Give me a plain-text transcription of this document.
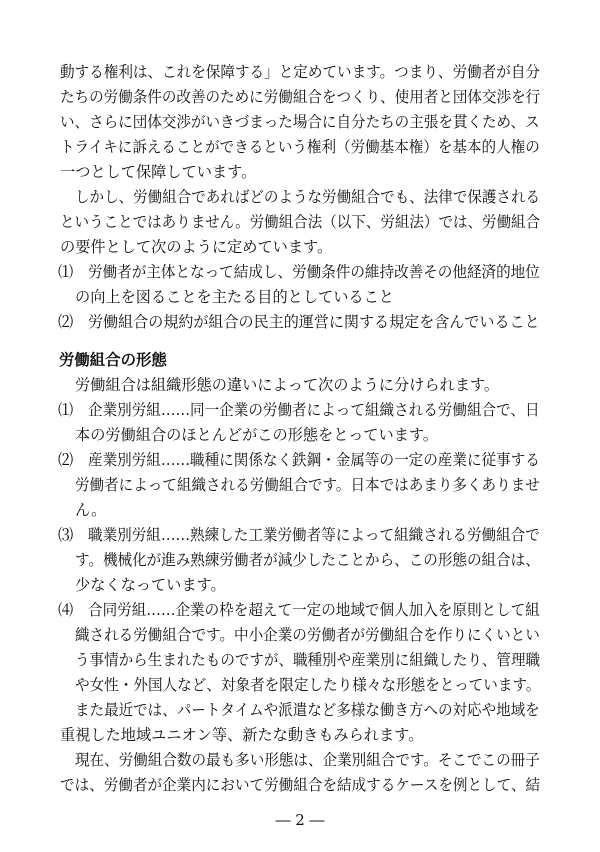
動する権利は、これを保障する」と定めています。つまり、労働者が自分
たちの労働条件の改善のために労働組合をつくり、使用者と団体交渉を行
い、さらに団体交渉がいきづまった場合に自分たちの主張を貫くため、ス
トライキに訴えることができるという権利（労働基本権）を基本的人権の
一つとして保障しています。
しかし、労働組合であればどのような労働組合でも、法律で保護される
ということではありません。労働組合法（以下、労組法）では、労働組合
の要件として次のように定めています。
⑴ 労働者が主体となって結成し、労働条件の維持改善その他経済的地位
の向上を図ることを主たる目的としていること
⑵ 労働組合の規約が組合の民主的運営に関する規定を含んでいること
労働組合の形態
労働組合は組織形態の違いによって次のように分けられます。
⑴ 企業別労組……同一企業の労働者によって組織される労働組合で、日
本の労働組合のほとんどがこの形態をとっています。
⑵ 産業別労組……職種に関係なく鉄鋼・金属等の一定の産業に従事する
労働者によって組織される労働組合です。日本ではあまり多くありませ
ん。
⑶ 職業別労組……熟練した工業労働者等によって組織される労働組合で
す。機械化が進み熟練労働者が減少したことから、この形態の組合は、
少なくなっています。
⑷ 合同労組……企業の枠を超えて一定の地域で個人加入を原則として組
織される労働組合です。中小企業の労働者が労働組合を作りにくいとい
う事情から生まれたものですが、職種別や産業別に組織したり、管理職
や女性・外国人など、対象者を限定したり様々な形態をとっています。
また最近では、パートタイムや派遣など多様な働き方への対応や地域を
重視した地域ユニオン等、新たな動きもみられます。
現在、労働組合数の最も多い形態は、企業別組合です。そこでこの冊子
では、労働者が企業内において労働組合を結成するケースを例として、結
― 2 ―
